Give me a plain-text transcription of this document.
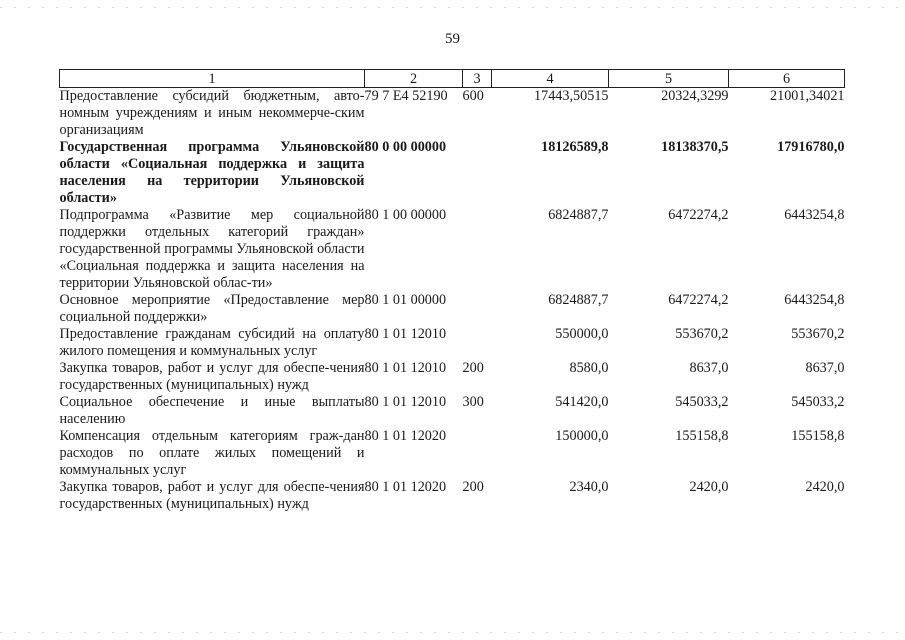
59
1	2	3	4	5	6
Предоставление субсидий бюджетным, авто-номным учреждениям и иным некоммерче-ским организациям	79 7 E4 52190	600	17443,50515	20324,3299	21001,34021
Государственная программа Ульяновской области «Социальная поддержка и защита населения на территории Ульяновской области»	80 0 00 00000		18126589,8	18138370,5	17916780,0
Подпрограмма «Развитие мер социальной поддержки отдельных категорий граждан» государственной программы Ульяновской области «Социальная поддержка и защита населения на территории Ульяновской облас-ти»	80 1 00 00000		6824887,7	6472274,2	6443254,8
Основное мероприятие «Предоставление мер социальной поддержки»	80 1 01 00000		6824887,7	6472274,2	6443254,8
Предоставление гражданам субсидий на оплату жилого помещения и коммунальных услуг	80 1 01 12010		550000,0	553670,2	553670,2
Закупка товаров, работ и услуг для обеспе-чения государственных (муниципальных) нужд	80 1 01 12010	200	8580,0	8637,0	8637,0
Социальное обеспечение и иные выплаты населению	80 1 01 12010	300	541420,0	545033,2	545033,2
Компенсация отдельным категориям граж-дан расходов по оплате жилых помещений и коммунальных услуг	80 1 01 12020		150000,0	155158,8	155158,8
Закупка товаров, работ и услуг для обеспе-чения государственных (муниципальных) нужд	80 1 01 12020	200	2340,0	2420,0	2420,0
